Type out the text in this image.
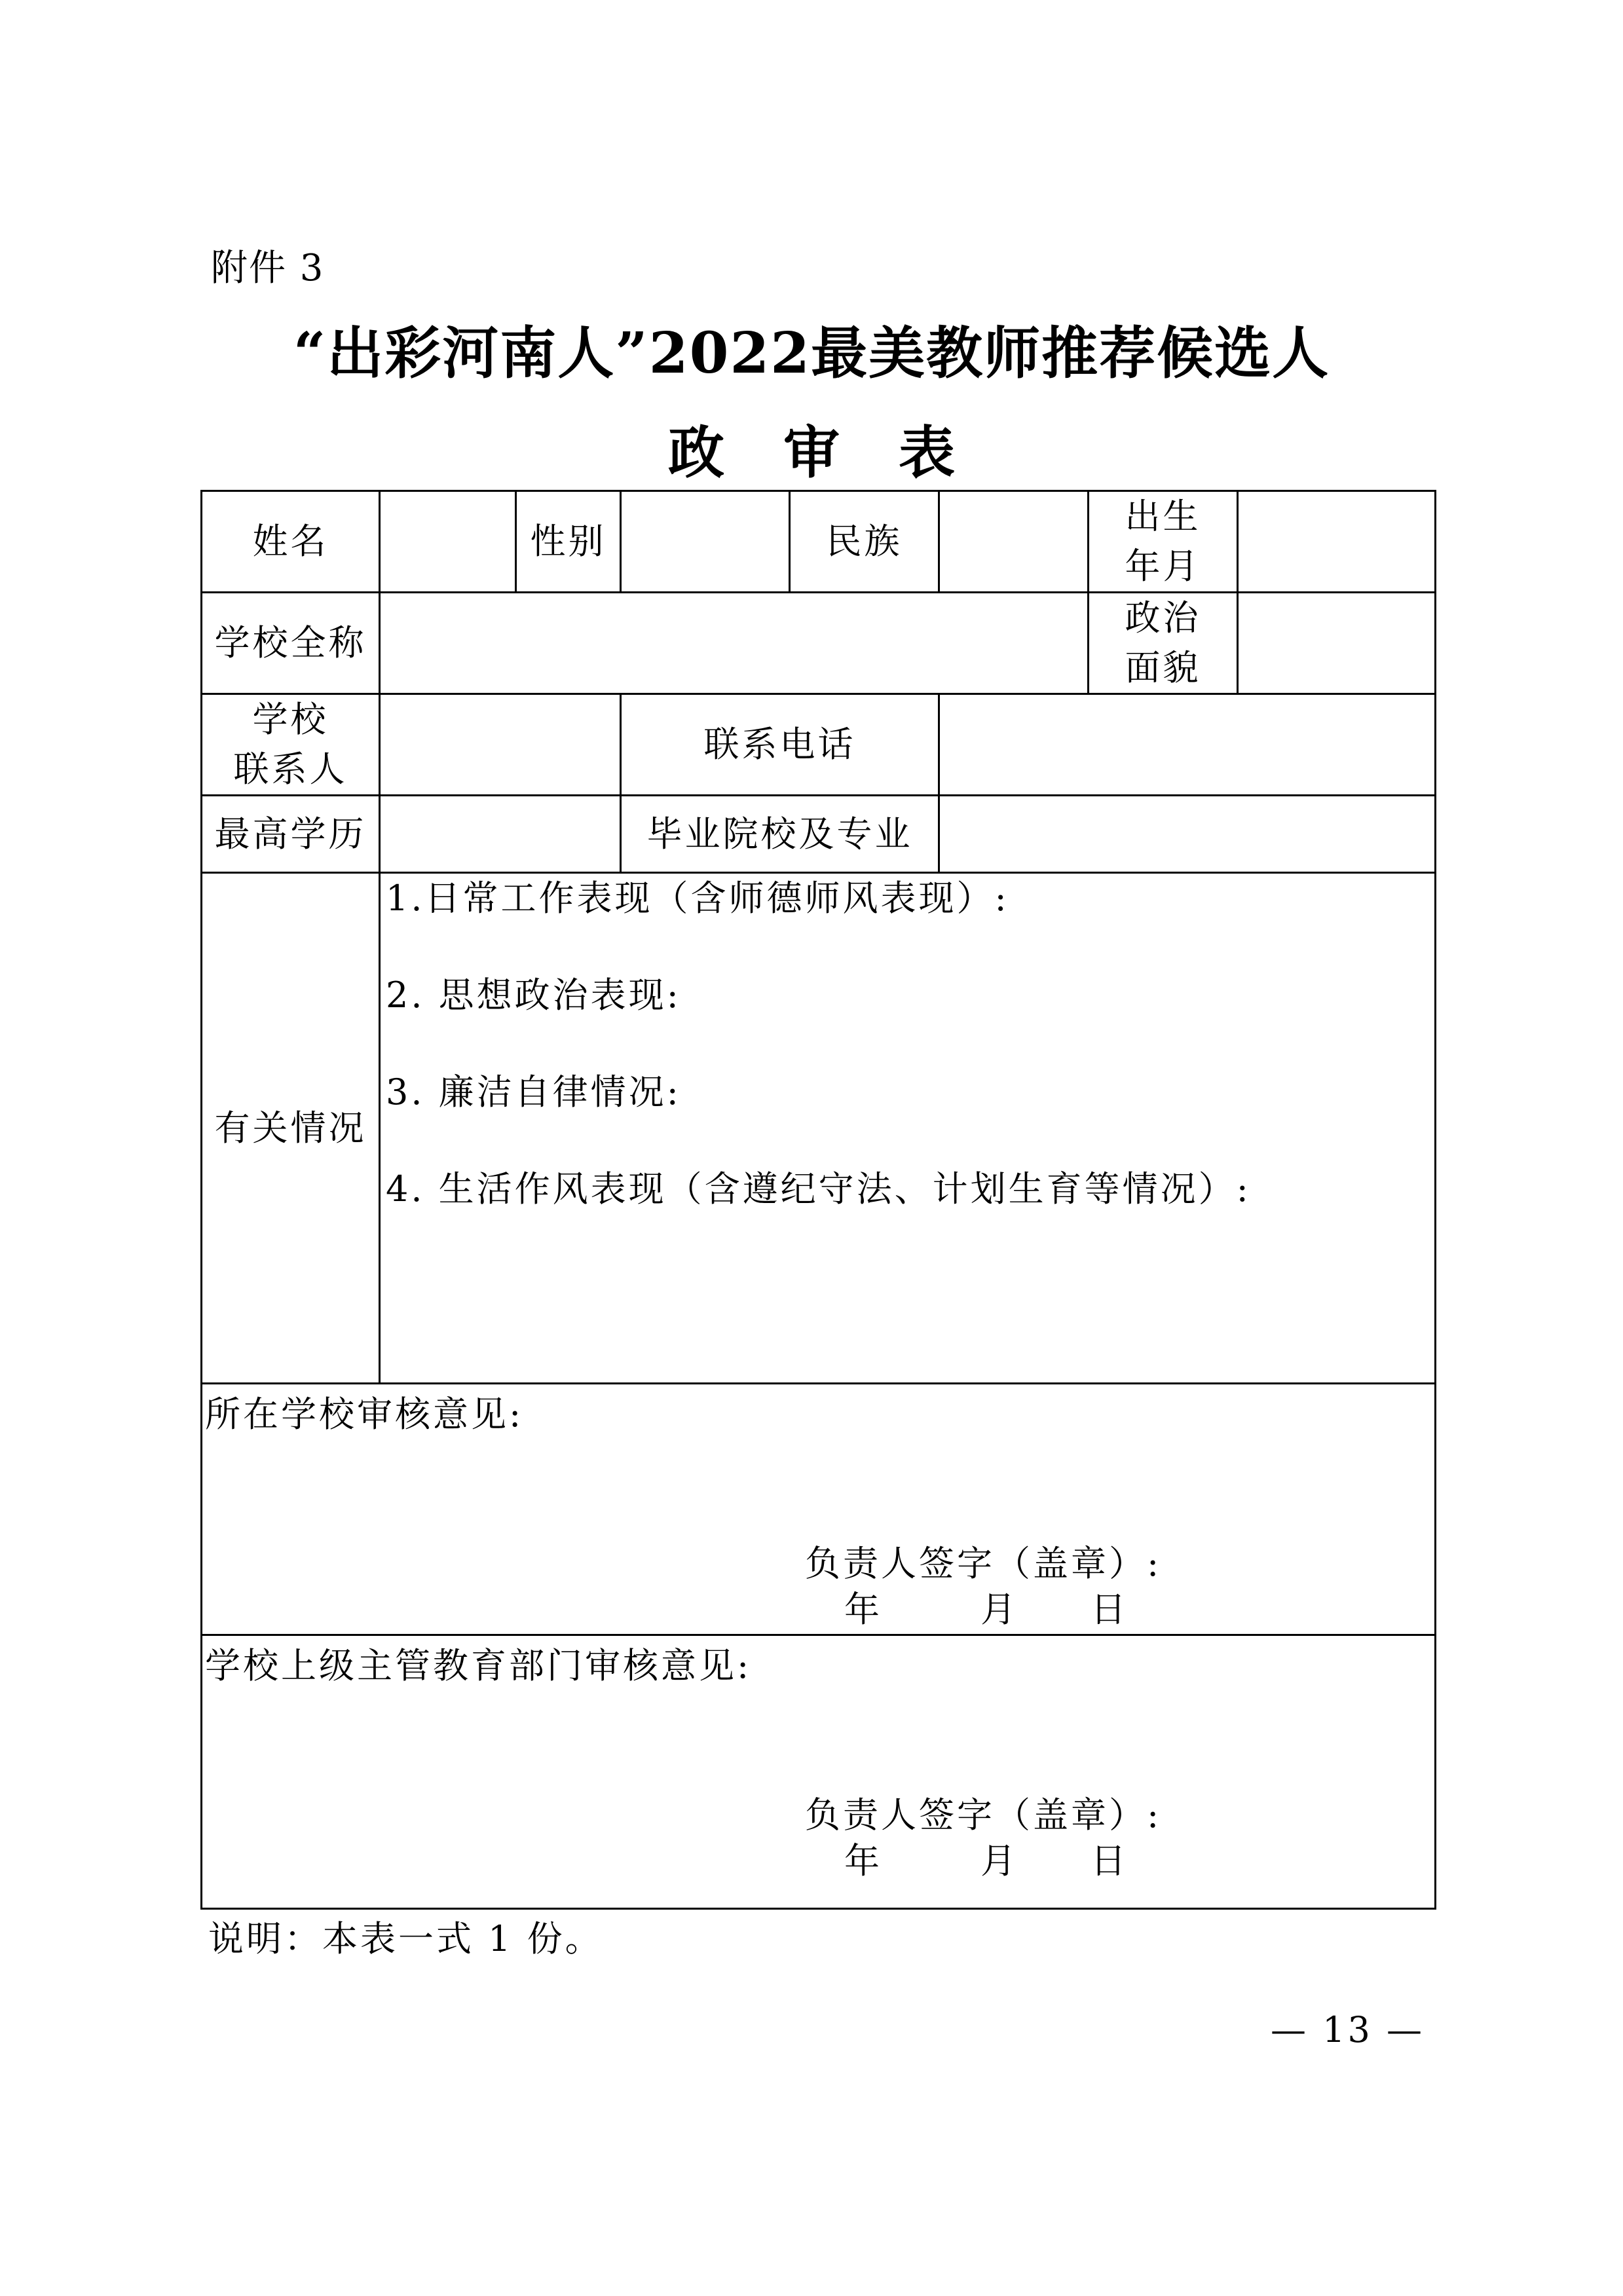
附件 3
“出彩河南人”2022最美教师推荐候选人
政审表
姓名		性别		民族		出生
年月	

学校全称						政治
面貌	

学校
联系人			联系电话				
最高学历			毕业院校及专业				
有关情况	1.日常工作表现（含师德师风表现）:
2. 思想政治表现:
3. 廉洁自律情况:
4. 生活作风表现（含遵纪守法、计划生育等情况）:						

所在学校审核意见:
负责人签字（盖章）:
年 月 日							

学校上级主管教育部门审核意见:
负责人签字（盖章）:
年 月 日							
说明：本表一式 1 份。
— 13 —
